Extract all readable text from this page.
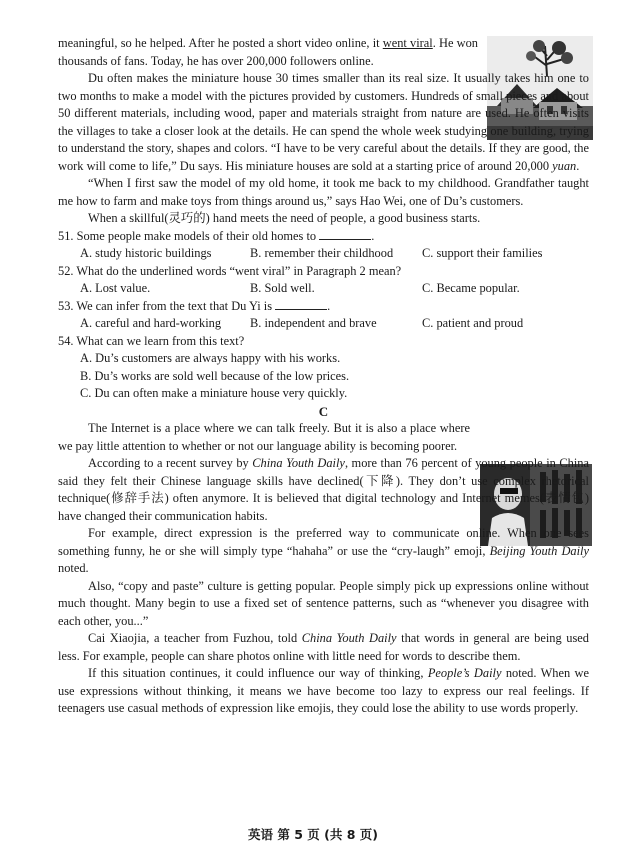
meaningful, so he helped. After he posted a short video online, it went viral. He won thousands of fans. Today, he has over 200,000 followers online.

Du often makes the miniature house 30 times smaller than its real size. It usually takes him one to two months to make a model with the pictures provided by customers. Hundreds of small pieces and about 50 different materials, including wood, paper and materials straight from nature are used. He often visits the villages to take a closer look at the details. He can spend the whole week studying one building, trying to understand the story, shapes and colors. “I have to be very careful about the details. If they are good, the work will come to life,” Du says. His miniature houses are sold at a starting price of around 20,000 yuan.

“When I first saw the model of my old home, it took me back to my childhood. Grandfather taught me how to farm and make toys from things around us,” says Hao Wei, one of Du’s customers.

When a skillful(灵巧的) hand meets the need of people, a good business starts.

51. Some people make models of their old homes to	.

A. study historic buildings	B. remember their childhood	C. support their families

52. What do the underlined words “went viral” in Paragraph 2 mean?

A. Lost value.	B. Sold well.	C. Became popular.

53. We can infer from the text that Du Yi is	.

A. careful and hard-working	B. independent and brave	C. patient and proud

54. What can we learn from this text?

A. Du’s customers are always happy with his works.
B. Du’s works are sold well because of the low prices.
C. Du can often make a miniature house very quickly.
C

The Internet is a place where we can talk freely. But it is also a place where we pay little attention to whether or not our language ability is becoming poorer.

According to a recent survey by China Youth Daily, more than 76 percent of young people in China said they felt their Chinese language skills have declined(下降). They don’t use complex rhetorical technique(修辞手法) often anymore. It is believed that digital technology and Internet memes(表情包) have changed their communication habits.

For example, direct expression is the preferred way to communicate online. When one sees something funny, he or she will simply type “hahaha” or use the “cry-laugh” emoji, Beijing Youth Daily noted.

Also, “copy and paste” culture is getting popular. People simply pick up expressions online without much thought. Many begin to use a fixed set of sentence patterns, such as “whenever you disagree with each other, you...”

Cai Xiaojia, a teacher from Fuzhou, told China Youth Daily that words in general are being used less. For example, people can share photos online with little need for words to describe them.

If this situation continues, it could influence our way of thinking, People’s Daily noted. When we use expressions without thinking, it means we have become too lazy to express our real feelings. If teenagers use casual methods of expression like emojis, they could lose the ability to use words properly.

英语 第 5 页 (共 8 页)
